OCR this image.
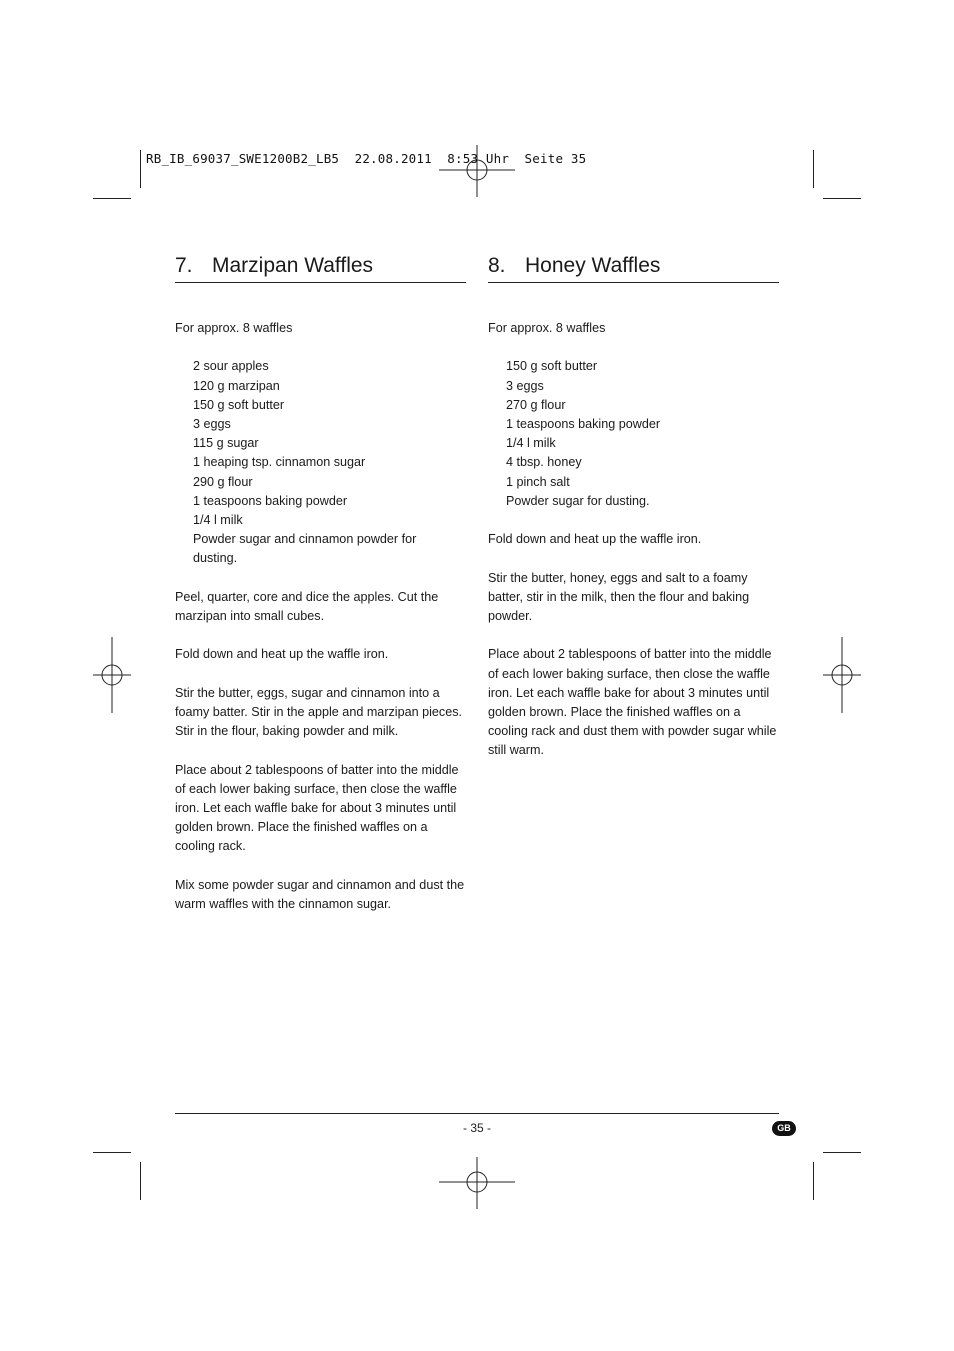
RB_IB_69037_SWE1200B2_LB5  22.08.2011  8:53 Uhr  Seite 35
7. Marzipan Waffles

For approx. 8 waffles

2 sour apples
120 g marzipan
150 g soft butter
3 eggs
115 g sugar
1 heaping tsp. cinnamon sugar
290 g flour
1 teaspoons baking powder
1/4 l milk
Powder sugar and cinnamon powder for dusting.

Peel, quarter, core and dice the apples. Cut the marzipan into small cubes.

Fold down and heat up the waffle iron.

Stir the butter, eggs, sugar and cinnamon into a foamy batter. Stir in the apple and marzipan pieces. Stir in the flour, baking powder and milk.

Place about 2 tablespoons of batter into the middle of each lower baking surface, then close the waffle iron. Let each waffle bake for about 3 minutes until golden brown. Place the finished waffles on a cooling rack.

Mix some powder sugar and cinnamon and dust the warm waffles with the cinnamon sugar.

8. Honey Waffles

For approx. 8 waffles

150 g soft butter
3 eggs
270 g flour
1 teaspoons baking powder
1/4 l milk
4 tbsp. honey
1 pinch salt
Powder sugar for dusting.

Fold down and heat up the waffle iron.

Stir the butter, honey, eggs and salt to a foamy batter, stir in the milk, then the flour and baking powder.

Place about 2 tablespoons of batter into the middle of each lower baking surface, then close the waffle iron. Let each waffle bake for about 3 minutes until golden brown. Place the finished waffles on a cooling rack and dust them with powder sugar while still warm.

- 35 -	GB
